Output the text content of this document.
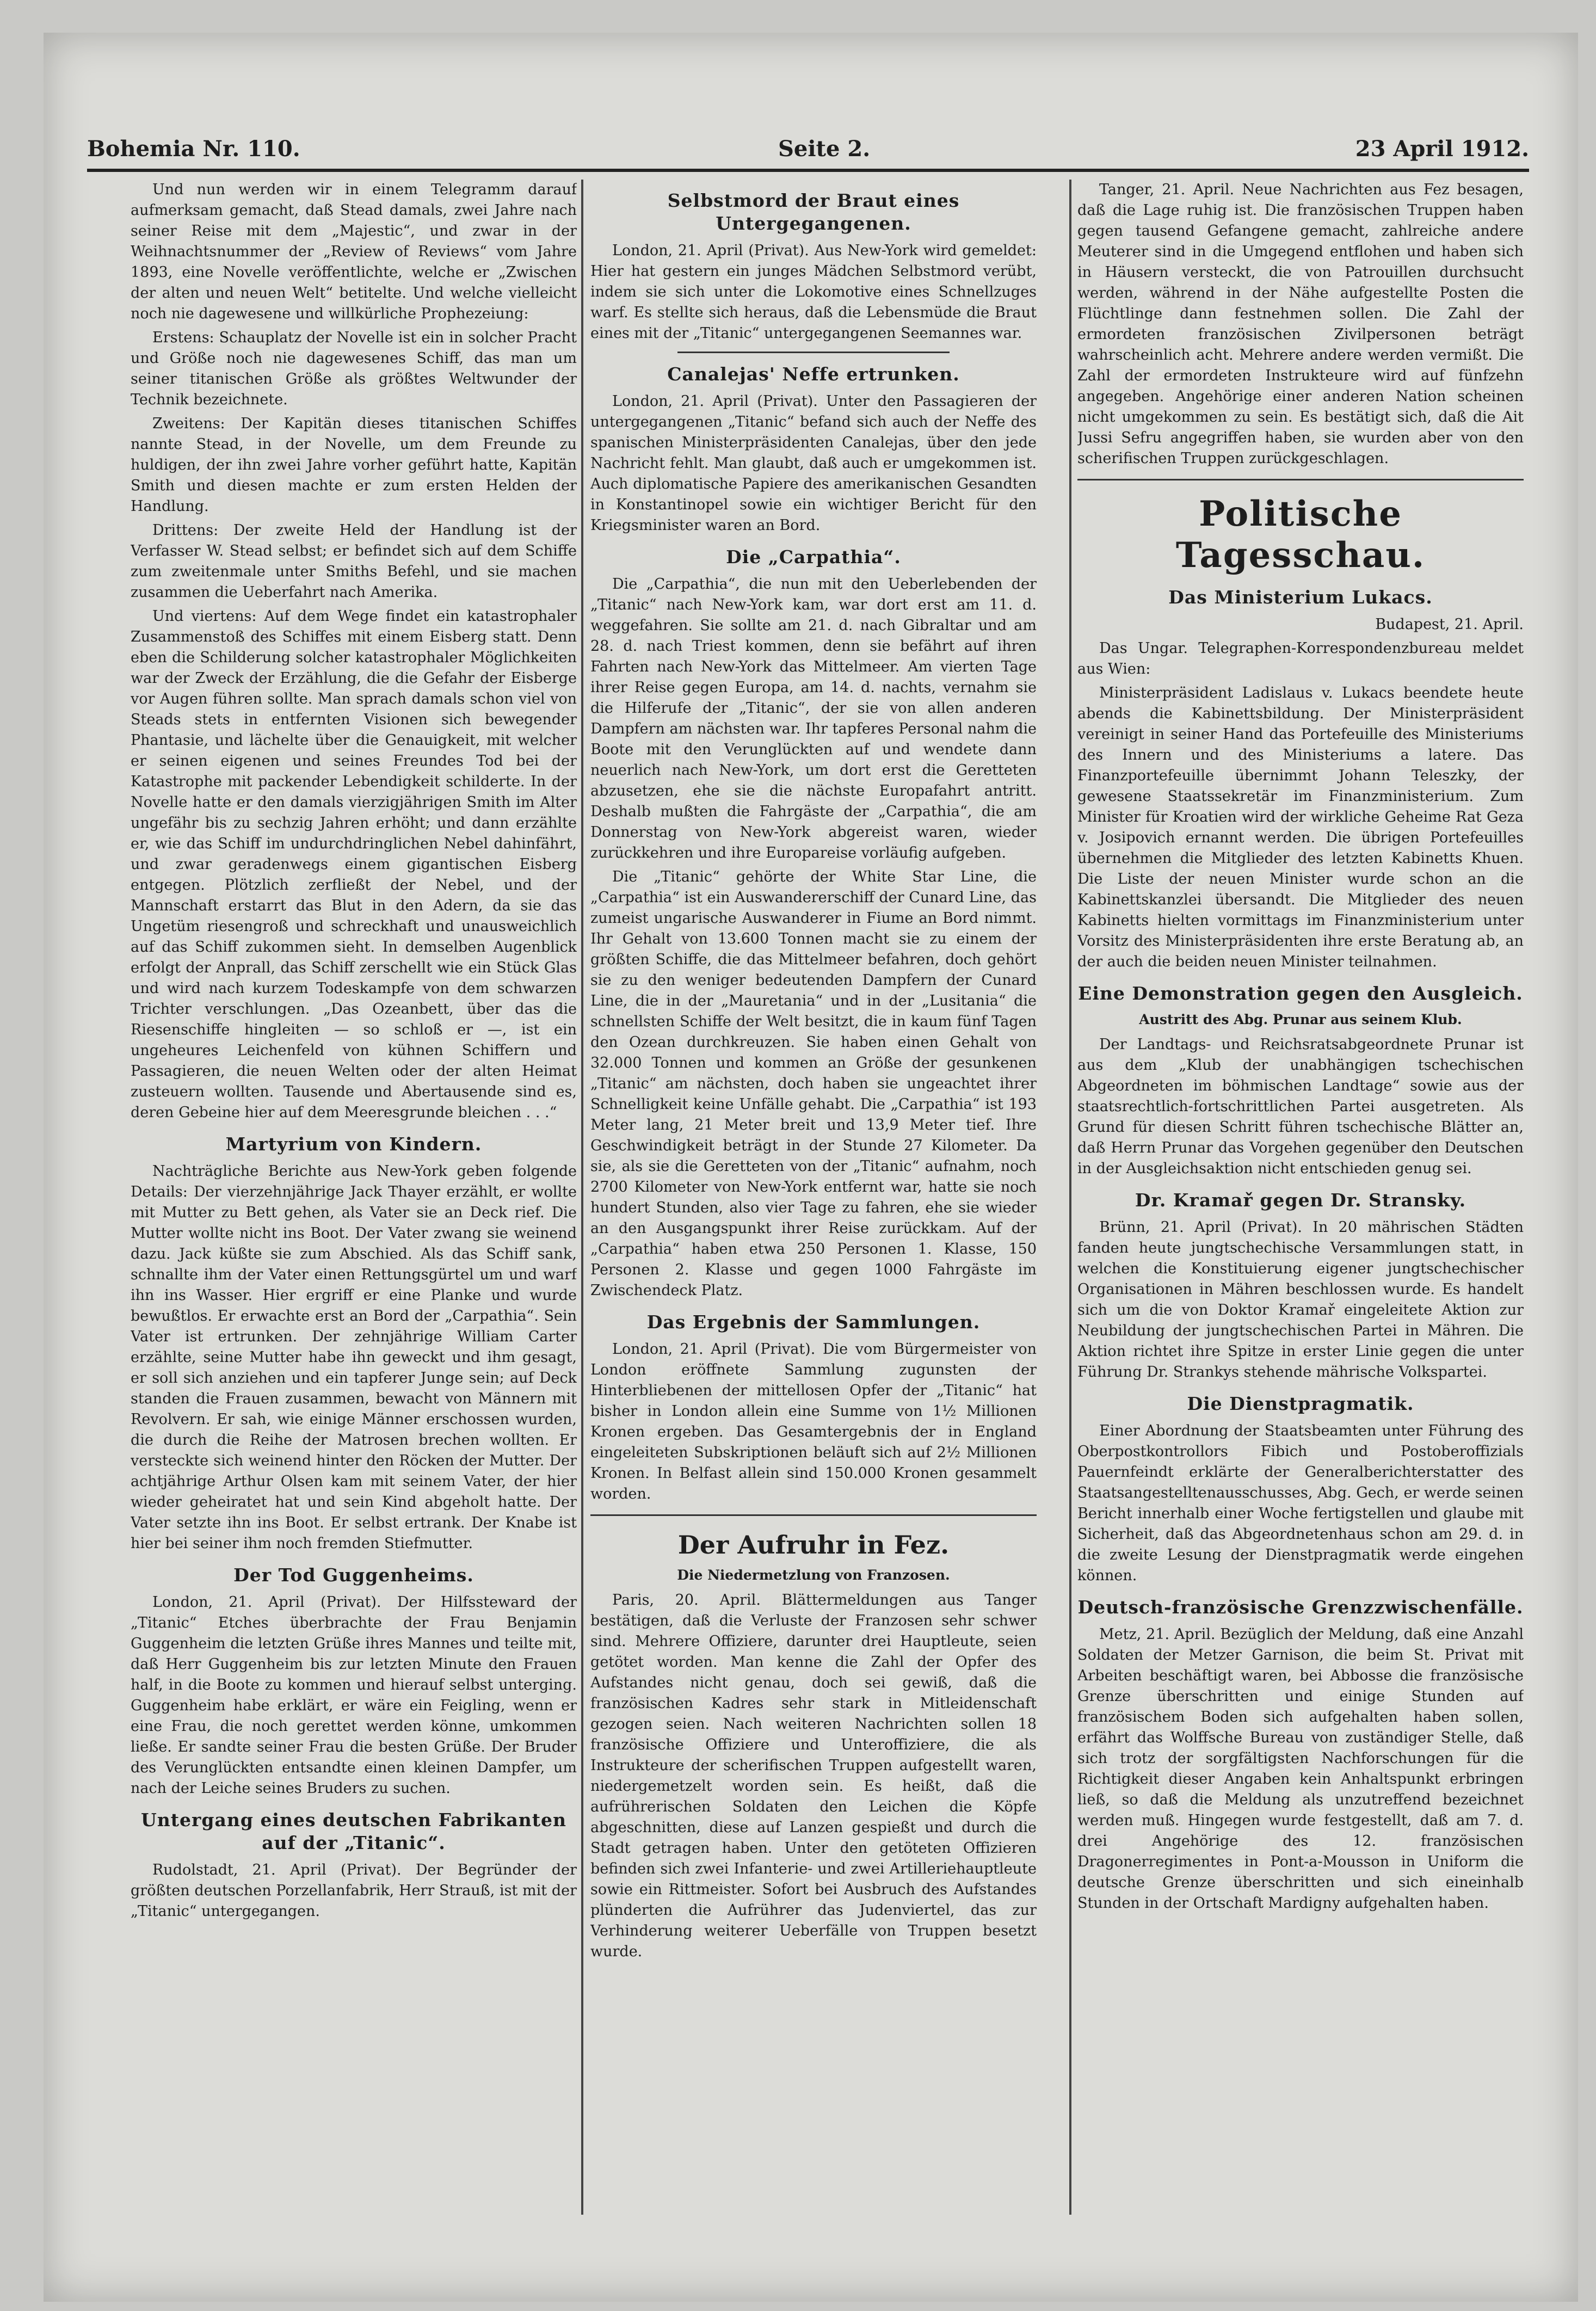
Bohemia Nr. 110.	Seite 2.	23 April 1912.

Und nun werden wir in einem Telegramm darauf aufmerksam gemacht, daß Stead damals, zwei Jahre nach seiner Reise mit dem „Majestic“, und zwar in der Weihnachtsnummer der „Review of Reviews“ vom Jahre 1893, eine Novelle veröffentlichte, welche er „Zwischen der alten und neuen Welt“ betitelte. Und welche vielleicht noch nie dagewesene und willkürliche Prophezeiung:

Erstens: Schauplatz der Novelle ist ein in solcher Pracht und Größe noch nie dagewesenes Schiff, das man um seiner titanischen Größe als größtes Weltwunder der Technik bezeichnete.

Zweitens: Der Kapitän dieses titanischen Schiffes nannte Stead, in der Novelle, um dem Freunde zu huldigen, der ihn zwei Jahre vorher geführt hatte, Kapitän Smith und diesen machte er zum ersten Helden der Handlung.

Drittens: Der zweite Held der Handlung ist der Verfasser W. Stead selbst; er befindet sich auf dem Schiffe zum zweitenmale unter Smiths Befehl, und sie machen zusammen die Ueberfahrt nach Amerika.

Und viertens: Auf dem Wege findet ein katastrophaler Zusammenstoß des Schiffes mit einem Eisberg statt. Denn eben die Schilderung solcher katastrophaler Möglichkeiten war der Zweck der Erzählung, die die Gefahr der Eisberge vor Augen führen sollte. Man sprach damals schon viel von Steads stets in entfernten Visionen sich bewegender Phantasie, und lächelte über die Genauigkeit, mit welcher er seinen eigenen und seines Freundes Tod bei der Katastrophe mit packender Lebendigkeit schilderte. In der Novelle hatte er den damals vierzigjährigen Smith im Alter ungefähr bis zu sechzig Jahren erhöht; und dann erzählte er, wie das Schiff im undurchdringlichen Nebel dahinfährt, und zwar geradenwegs einem gigantischen Eisberg entgegen. Plötzlich zerfließt der Nebel, und der Mannschaft erstarrt das Blut in den Adern, da sie das Ungetüm riesengroß und schreckhaft und unausweichlich auf das Schiff zukommen sieht. In demselben Augenblick erfolgt der Anprall, das Schiff zerschellt wie ein Stück Glas und wird nach kurzem Todeskampfe von dem schwarzen Trichter verschlungen. „Das Ozeanbett, über das die Riesenschiffe hingleiten — so schloß er —, ist ein ungeheures Leichenfeld von kühnen Schiffern und Passagieren, die neuen Welten oder der alten Heimat zusteuern wollten. Tausende und Abertausende sind es, deren Gebeine hier auf dem Meeresgrunde bleichen . . .“

Martyrium von Kindern.

Nachträgliche Berichte aus New-York geben folgende Details: Der vierzehnjährige Jack Thayer erzählt, er wollte mit Mutter zu Bett gehen, als Vater sie an Deck rief. Die Mutter wollte nicht ins Boot. Der Vater zwang sie weinend dazu. Jack küßte sie zum Abschied. Als das Schiff sank, schnallte ihm der Vater einen Rettungsgürtel um und warf ihn ins Wasser. Hier ergriff er eine Planke und wurde bewußtlos. Er erwachte erst an Bord der „Carpathia“. Sein Vater ist ertrunken. Der zehnjährige William Carter erzählte, seine Mutter habe ihn geweckt und ihm gesagt, er soll sich anziehen und ein tapferer Junge sein; auf Deck standen die Frauen zusammen, bewacht von Männern mit Revolvern. Er sah, wie einige Männer erschossen wurden, die durch die Reihe der Matrosen brechen wollten. Er versteckte sich weinend hinter den Röcken der Mutter. Der achtjährige Arthur Olsen kam mit seinem Vater, der hier wieder geheiratet hat und sein Kind abgeholt hatte. Der Vater setzte ihn ins Boot. Er selbst ertrank. Der Knabe ist hier bei seiner ihm noch fremden Stiefmutter.

Der Tod Guggenheims.

London, 21. April (Privat). Der Hilfssteward der „Titanic“ Etches überbrachte der Frau Benjamin Guggenheim die letzten Grüße ihres Mannes und teilte mit, daß Herr Guggenheim bis zur letzten Minute den Frauen half, in die Boote zu kommen und hierauf selbst unterging. Guggenheim habe erklärt, er wäre ein Feigling, wenn er eine Frau, die noch gerettet werden könne, umkommen ließe. Er sandte seiner Frau die besten Grüße. Der Bruder des Verunglückten entsandte einen kleinen Dampfer, um nach der Leiche seines Bruders zu suchen.

Untergang eines deutschen Fabrikanten auf der „Titanic“.

Rudolstadt, 21. April (Privat). Der Begründer der größten deutschen Porzellanfabrik, Herr Strauß, ist mit der „Titanic“ untergegangen.

Selbstmord der Braut eines Untergegangenen.

London, 21. April (Privat). Aus New-York wird gemeldet: Hier hat gestern ein junges Mädchen Selbstmord verübt, indem sie sich unter die Lokomotive eines Schnellzuges warf. Es stellte sich heraus, daß die Lebensmüde die Braut eines mit der „Titanic“ untergegangenen Seemannes war.

Canalejas' Neffe ertrunken.

London, 21. April (Privat). Unter den Passagieren der untergegangenen „Titanic“ befand sich auch der Neffe des spanischen Ministerpräsidenten Canalejas, über den jede Nachricht fehlt. Man glaubt, daß auch er umgekommen ist. Auch diplomatische Papiere des amerikanischen Gesandten in Konstantinopel sowie ein wichtiger Bericht für den Kriegsminister waren an Bord.

Die „Carpathia“.

Die „Carpathia“, die nun mit den Ueberlebenden der „Titanic“ nach New-York kam, war dort erst am 11. d. weggefahren. Sie sollte am 21. d. nach Gibraltar und am 28. d. nach Triest kommen, denn sie befährt auf ihren Fahrten nach New-York das Mittelmeer. Am vierten Tage ihrer Reise gegen Europa, am 14. d. nachts, vernahm sie die Hilferufe der „Titanic“, der sie von allen anderen Dampfern am nächsten war. Ihr tapferes Personal nahm die Boote mit den Verunglückten auf und wendete dann neuerlich nach New-York, um dort erst die Geretteten abzusetzen, ehe sie die nächste Europafahrt antritt. Deshalb mußten die Fahrgäste der „Carpathia“, die am Donnerstag von New-York abgereist waren, wieder zurückkehren und ihre Europareise vorläufig aufgeben.

Die „Titanic“ gehörte der White Star Line, die „Carpathia“ ist ein Auswandererschiff der Cunard Line, das zumeist ungarische Auswanderer in Fiume an Bord nimmt. Ihr Gehalt von 13.600 Tonnen macht sie zu einem der größten Schiffe, die das Mittelmeer befahren, doch gehört sie zu den weniger bedeutenden Dampfern der Cunard Line, die in der „Mauretania“ und in der „Lusitania“ die schnellsten Schiffe der Welt besitzt, die in kaum fünf Tagen den Ozean durchkreuzen. Sie haben einen Gehalt von 32.000 Tonnen und kommen an Größe der gesunkenen „Titanic“ am nächsten, doch haben sie ungeachtet ihrer Schnelligkeit keine Unfälle gehabt. Die „Carpathia“ ist 193 Meter lang, 21 Meter breit und 13,9 Meter tief. Ihre Geschwindigkeit beträgt in der Stunde 27 Kilometer. Da sie, als sie die Geretteten von der „Titanic“ aufnahm, noch 2700 Kilometer von New-York entfernt war, hatte sie noch hundert Stunden, also vier Tage zu fahren, ehe sie wieder an den Ausgangspunkt ihrer Reise zurückkam. Auf der „Carpathia“ haben etwa 250 Personen 1. Klasse, 150 Personen 2. Klasse und gegen 1000 Fahrgäste im Zwischendeck Platz.

Das Ergebnis der Sammlungen.

London, 21. April (Privat). Die vom Bürgermeister von London eröffnete Sammlung zugunsten der Hinterbliebenen der mittellosen Opfer der „Titanic“ hat bisher in London allein eine Summe von 1½ Millionen Kronen ergeben. Das Gesamtergebnis der in England eingeleiteten Subskriptionen beläuft sich auf 2½ Millionen Kronen. In Belfast allein sind 150.000 Kronen gesammelt worden.

Der Aufruhr in Fez.
Die Niedermetzlung von Franzosen.

Paris, 20. April. Blättermeldungen aus Tanger bestätigen, daß die Verluste der Franzosen sehr schwer sind. Mehrere Offiziere, darunter drei Hauptleute, seien getötet worden. Man kenne die Zahl der Opfer des Aufstandes nicht genau, doch sei gewiß, daß die französischen Kadres sehr stark in Mitleidenschaft gezogen seien. Nach weiteren Nachrichten sollen 18 französische Offiziere und Unteroffiziere, die als Instrukteure der scherifischen Truppen aufgestellt waren, niedergemetzelt worden sein. Es heißt, daß die aufrührerischen Soldaten den Leichen die Köpfe abgeschnitten, diese auf Lanzen gespießt und durch die Stadt getragen haben. Unter den getöteten Offizieren befinden sich zwei Infanterie- und zwei Artilleriehauptleute sowie ein Rittmeister. Sofort bei Ausbruch des Aufstandes plünderten die Aufrührer das Judenviertel, das zur Verhinderung weiterer Ueberfälle von Truppen besetzt wurde.

Tanger, 21. April. Neue Nachrichten aus Fez besagen, daß die Lage ruhig ist. Die französischen Truppen haben gegen tausend Gefangene gemacht, zahlreiche andere Meuterer sind in die Umgegend entflohen und haben sich in Häusern versteckt, die von Patrouillen durchsucht werden, während in der Nähe aufgestellte Posten die Flüchtlinge dann festnehmen sollen. Die Zahl der ermordeten französischen Zivilpersonen beträgt wahrscheinlich acht. Mehrere andere werden vermißt. Die Zahl der ermordeten Instrukteure wird auf fünfzehn angegeben. Angehörige einer anderen Nation scheinen nicht umgekommen zu sein. Es bestätigt sich, daß die Ait Jussi Sefru angegriffen haben, sie wurden aber von den scherifischen Truppen zurückgeschlagen.

Politische Tagesschau.
Das Ministerium Lukacs.
Budapest, 21. April.

Das Ungar. Telegraphen-Korrespondenzbureau meldet aus Wien:

Ministerpräsident Ladislaus v. Lukacs beendete heute abends die Kabinettsbildung. Der Ministerpräsident vereinigt in seiner Hand das Portefeuille des Ministeriums des Innern und des Ministeriums a latere. Das Finanzportefeuille übernimmt Johann Teleszky, der gewesene Staatssekretär im Finanzministerium. Zum Minister für Kroatien wird der wirkliche Geheime Rat Geza v. Josipovich ernannt werden. Die übrigen Portefeuilles übernehmen die Mitglieder des letzten Kabinetts Khuen. Die Liste der neuen Minister wurde schon an die Kabinettskanzlei übersandt. Die Mitglieder des neuen Kabinetts hielten vormittags im Finanzministerium unter Vorsitz des Ministerpräsidenten ihre erste Beratung ab, an der auch die beiden neuen Minister teilnahmen.

Eine Demonstration gegen den Ausgleich.
Austritt des Abg. Prunar aus seinem Klub.

Der Landtags- und Reichsratsabgeordnete Prunar ist aus dem „Klub der unabhängigen tschechischen Abgeordneten im böhmischen Landtage“ sowie aus der staatsrechtlich-fortschrittlichen Partei ausgetreten. Als Grund für diesen Schritt führen tschechische Blätter an, daß Herrn Prunar das Vorgehen gegenüber den Deutschen in der Ausgleichsaktion nicht entschieden genug sei.

Dr. Kramař gegen Dr. Stransky.

Brünn, 21. April (Privat). In 20 mährischen Städten fanden heute jungtschechische Versammlungen statt, in welchen die Konstituierung eigener jungtschechischer Organisationen in Mähren beschlossen wurde. Es handelt sich um die von Doktor Kramař eingeleitete Aktion zur Neubildung der jungtschechischen Partei in Mähren. Die Aktion richtet ihre Spitze in erster Linie gegen die unter Führung Dr. Strankys stehende mährische Volkspartei.

Die Dienstpragmatik.

Einer Abordnung der Staatsbeamten unter Führung des Oberpostkontrollors Fibich und Postoberoffizials Pauernfeindt erklärte der Generalberichterstatter des Staatsangestelltenausschusses, Abg. Gech, er werde seinen Bericht innerhalb einer Woche fertigstellen und glaube mit Sicherheit, daß das Abgeordnetenhaus schon am 29. d. in die zweite Lesung der Dienstpragmatik werde eingehen können.

Deutsch-französische Grenzzwischenfälle.

Metz, 21. April. Bezüglich der Meldung, daß eine Anzahl Soldaten der Metzer Garnison, die beim St. Privat mit Arbeiten beschäftigt waren, bei Abbosse die französische Grenze überschritten und einige Stunden auf französischem Boden sich aufgehalten haben sollen, erfährt das Wolffsche Bureau von zuständiger Stelle, daß sich trotz der sorgfältigsten Nachforschungen für die Richtigkeit dieser Angaben kein Anhaltspunkt erbringen ließ, so daß die Meldung als unzutreffend bezeichnet werden muß. Hingegen wurde festgestellt, daß am 7. d. drei Angehörige des 12. französischen Dragonerregimentes in Pont-a-Mousson in Uniform die deutsche Grenze überschritten und sich eineinhalb Stunden in der Ortschaft Mardigny aufgehalten haben.
